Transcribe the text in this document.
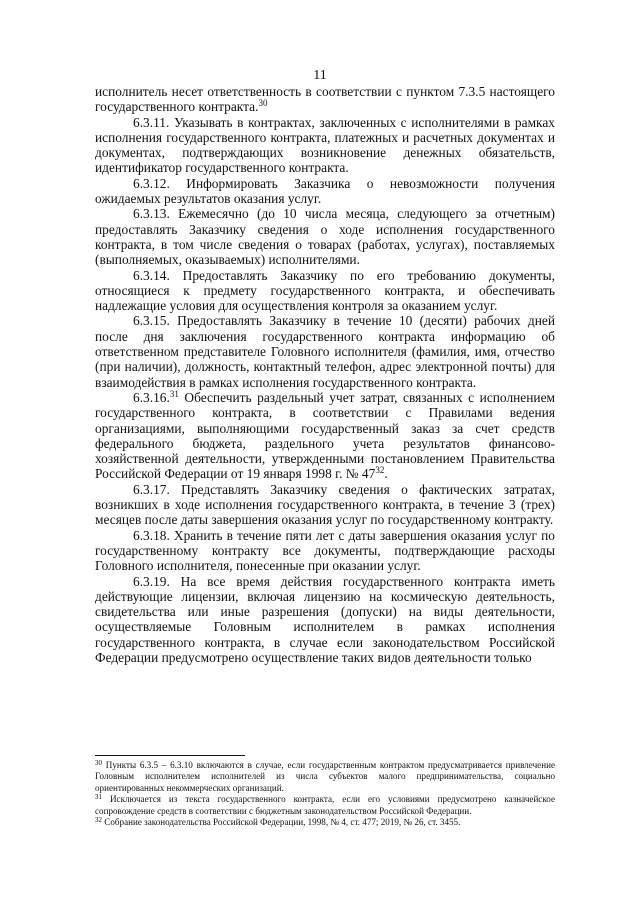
11

исполнитель несет ответственность в соответствии с пунктом 7.3.5 настоящего государственного контракта.$^{30}$

6.3.11. Указывать в контрактах, заключенных с исполнителями в рамках исполнения государственного контракта, платежных и расчетных документах и документах, подтверждающих возникновение денежных обязательств, идентификатор государственного контракта.

6.3.12. Информировать Заказчика о невозможности получения ожидаемых результатов оказания услуг.

6.3.13. Ежемесячно (до 10 числа месяца, следующего за отчетным) предоставлять Заказчику сведения о ходе исполнения государственного контракта, в том числе сведения о товарах (работах, услугах), поставляемых (выполняемых, оказываемых) исполнителями.

6.3.14. Предоставлять Заказчику по его требованию документы, относящиеся к предмету государственного контракта, и обеспечивать надлежащие условия для осуществления контроля за оказанием услуг.

6.3.15. Предоставлять Заказчику в течение 10 (десяти) рабочих дней после дня заключения государственного контракта информацию об ответственном представителе Головного исполнителя (фамилия, имя, отчество (при наличии), должность, контактный телефон, адрес электронной почты) для взаимодействия в рамках исполнения государственного контракта.

6.3.16.31 Обеспечить раздельный учет затрат, связанных с исполнением государственного контракта, в соответствии с Правилами ведения организациями, выполняющими государственный заказ за счет средств федерального бюджета, раздельного учета результатов финансово-хозяйственной деятельности, утвержденными постановлением Правительства Российской Федерации от 19 января 1998 г. № $47^{32}$.

6.3.17. Представлять Заказчику сведения о фактических затратах, возникших в ходе исполнения государственного контракта, в течение 3 (трех) месяцев после даты завершения оказания услуг по государственному контракту.

6.3.18. Хранить в течение пяти лет с даты завершения оказания услуг по государственному контракту все документы, подтверждающие расходы Головного исполнителя, понесенные при оказании услуг.

6.3.19. На все время действия государственного контракта иметь действующие лицензии, включая лицензию на космическую деятельность, свидетельства или иные разрешения (допуски) на виды деятельности, осуществляемые Головным исполнителем в рамках исполнения государственного контракта, в случае если законодательством Российской Федерации предусмотрено осуществление таких видов деятельности только

$^{30}$ Пункты 6.3.5 – 6.3.10 включаются в случае, если государственным контрактом предусматривается привлечение Головным исполнителем исполнителей из числа субъектов малого предпринимательства, социально ориентированных некоммерческих организаций.

$^{31}$ Исключается из текста государственного контракта, если его условиями предусмотрено казначейское сопровождение средств в соответствии с бюджетным законодательством Российской Федерации.

$^{32}$ Собрание законодательства Российской Федерации, 1998, № 4, ст. 477; 2019, № 26, ст. 3455.
